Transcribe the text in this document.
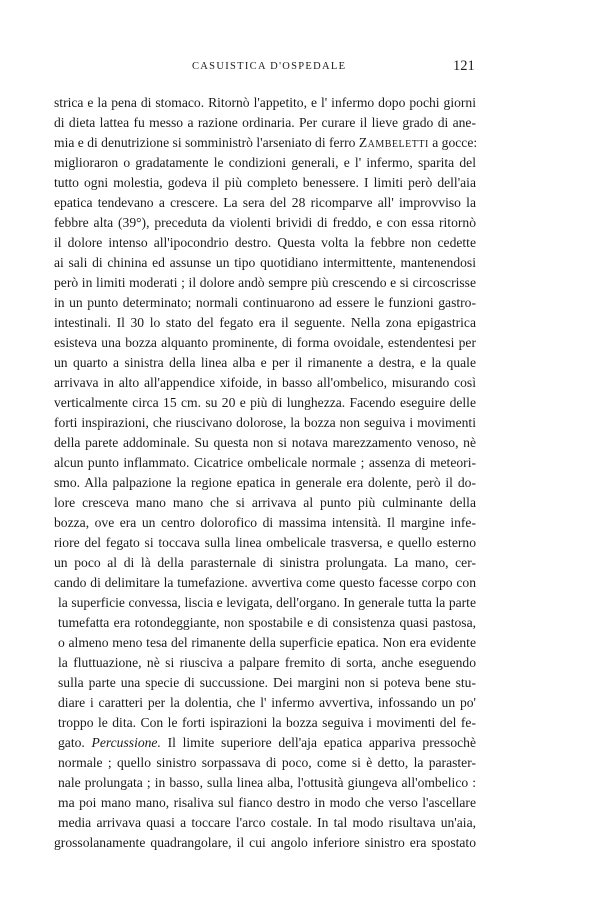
CASUISTICA D'OSPEDALE	121
strica e la pena di stomaco. Ritornò l'appetito, e l' infermo dopo pochi giorni
di dieta lattea fu messo a razione ordinaria. Per curare il lieve grado di ane-
mia e di denutrizione si somministrò l'arseniato di ferro Zambeletti a gocce:
miglioraron o gradatamente le condizioni generali, e l' infermo, sparita del
tutto ogni molestia, godeva il più completo benessere. I limiti però dell'aia
epatica tendevano a crescere. La sera del 28 ricomparve all' improvviso la
febbre alta (39°), preceduta da violenti brividi di freddo, e con essa ritornò
il dolore intenso all'ipocondrio destro. Questa volta la febbre non cedette
ai sali di chinina ed assunse un tipo quotidiano intermittente, mantenendosi
però in limiti moderati ; il dolore andò sempre più crescendo e si circoscrisse
in un punto determinato; normali continuarono ad essere le funzioni gastro-
intestinali. Il 30 lo stato del fegato era il seguente. Nella zona epigastrica
esisteva una bozza alquanto prominente, di forma ovoidale, estendentesi per
un quarto a sinistra della linea alba e per il rimanente a destra, e la quale
arrivava in alto all'appendice xifoide, in basso all'ombelico, misurando così
verticalmente circa 15 cm. su 20 e più di lunghezza. Facendo eseguire delle
forti inspirazioni, che riuscivano dolorose, la bozza non seguiva i movimenti
della parete addominale. Su questa non si notava marezzamento venoso, nè
alcun punto inflammato. Cicatrice ombelicale normale ; assenza di meteori-
smo. Alla palpazione la regione epatica in generale era dolente, però il do-
lore cresceva mano mano che si arrivava al punto più culminante della
bozza, ove era un centro dolorofico di massima intensità. Il margine infe-
riore del fegato si toccava sulla linea ombelicale trasversa, e quello esterno
un poco al di là della parasternale di sinistra prolungata. La mano, cer-
cando di delimitare la tumefazione. avvertiva come questo facesse corpo con
la superficie convessa, liscia e levigata, dell'organo. In generale tutta la parte
tumefatta era rotondeggiante, non spostabile e di consistenza quasi pastosa,
o almeno meno tesa del rimanente della superficie epatica. Non era evidente
la fluttuazione, nè si riusciva a palpare fremito di sorta, anche eseguendo
sulla parte una specie di succussione. Dei margini non si poteva bene stu-
diare i caratteri per la dolentia, che l' infermo avvertiva, infossando un po'
troppo le dita. Con le forti ispirazioni la bozza seguiva i movimenti del fe-
gato. Percussione. Il limite superiore dell'aja epatica appariva pressochè
normale ; quello sinistro sorpassava di poco, come si è detto, la paraster-
nale prolungata ; in basso, sulla linea alba, l'ottusità giungeva all'ombelico :
ma poi mano mano, risaliva sul fianco destro in modo che verso l'ascellare
media arrivava quasi a toccare l'arco costale. In tal modo risultava un'aia,
grossolanamente quadrangolare, il cui angolo inferiore sinistro era spostato
